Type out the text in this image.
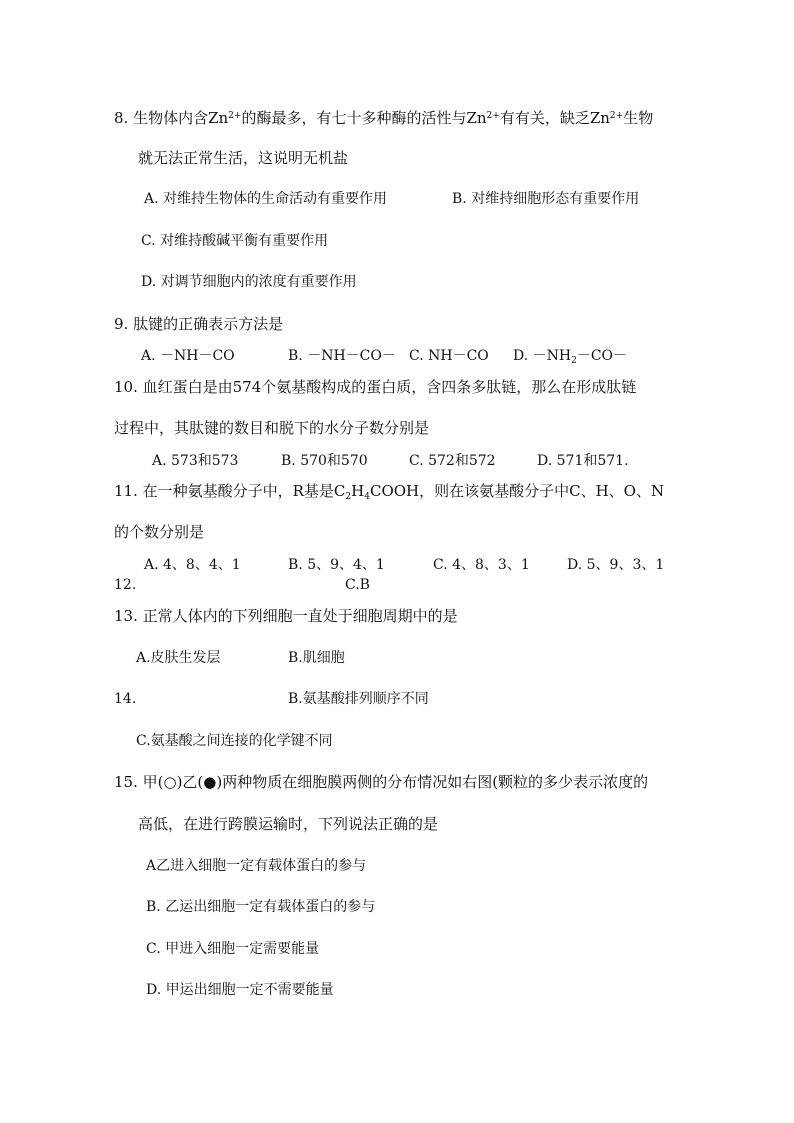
8. 生物体内含$Zn^{2+}$的酶最多，有七十多种酶的活性与$Zn^{2+}$有有关，缺乏$Zn^{2+}$生物
就无法正常生活，这说明无机盐
A. 对维持生物体的生命活动有重要作用	B. 对维持细胞形态有重要作用
C. 对维持酸碱平衡有重要作用
D. 对调节细胞内的浓度有重要作用
9. 肽键的正确表示方法是
A. －NH－CO	B. －NH－CO－ C. NH－CO D. $-NH_2-CO-$
10. 血红蛋白是由574个氨基酸构成的蛋白质，含四条多肽链，那么在形成肽链
过程中，其肽键的数目和脱下的水分子数分别是
A. 573和573	B. 570和570	C. 572和572	D. 571和571.
11. 在一种氨基酸分子中，R基是$C_2H_4COOH$，则在该氨基酸分子中C、H、O、N
的个数分别是
A. 4、8、4、1	B. 5、9、4、1	C. 4、8、3、1	D. 5、9、3、1
12.	C.B
13. 正常人体内的下列细胞一直处于细胞周期中的是
A.皮肤生发层	B.肌细胞
14.	B.氨基酸排列顺序不同
C.氨基酸之间连接的化学键不同
15. 甲(○)乙(●)两种物质在细胞膜两侧的分布情况如右图(颗粒的多少表示浓度的
高低，在进行跨膜运输时，下列说法正确的是
A乙进入细胞一定有载体蛋白的参与
B. 乙运出细胞一定有载体蛋白的参与
C. 甲进入细胞一定需要能量
D. 甲运出细胞一定不需要能量
